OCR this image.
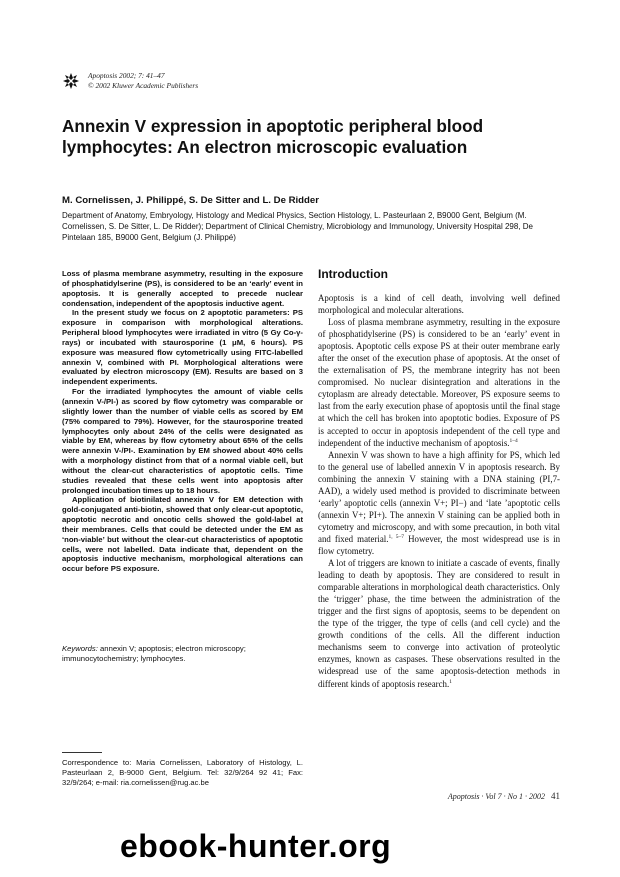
Apoptosis 2002; 7: 41–47
© 2002 Kluwer Academic Publishers
Annexin V expression in apoptotic peripheral blood lymphocytes: An electron microscopic evaluation
M. Cornelissen, J. Philippé, S. De Sitter and L. De Ridder
Department of Anatomy, Embryology, Histology and Medical Physics, Section Histology, L. Pasteurlaan 2, B9000 Gent, Belgium (M. Cornelissen, S. De Sitter, L. De Ridder); Department of Clinical Chemistry, Microbiology and Immunology, University Hospital 298, De Pintelaan 185, B9000 Gent, Belgium (J. Philippé)

Loss of plasma membrane asymmetry, resulting in the exposure of phosphatidylserine (PS), is considered to be an ‘early’ event in apoptosis. It is generally accepted to precede nuclear condensation, independent of the apoptosis inductive agent.

In the present study we focus on 2 apoptotic parameters: PS exposure in comparison with morphological alterations. Peripheral blood lymphocytes were irradiated in vitro (5 Gy Co-γ-rays) or incubated with staurosporine (1 μM, 6 hours). PS exposure was measured flow cytometrically using FITC-labelled annexin V, combined with PI. Morphological alterations were evaluated by electron microscopy (EM). Results are based on 3 independent experiments.

For the irradiated lymphocytes the amount of viable cells (annexin V-/PI-) as scored by flow cytometry was comparable or slightly lower than the number of viable cells as scored by EM (75% compared to 79%). However, for the staurosporine treated lymphocytes only about 24% of the cells were designated as viable by EM, whereas by flow cytometry about 65% of the cells were annexin V-/PI-. Examination by EM showed about 40% cells with a morphology distinct from that of a normal viable cell, but without the clear-cut characteristics of apoptotic cells. Time studies revealed that these cells went into apoptosis after prolonged incubation times up to 18 hours.

Application of biotinilated annexin V for EM detection with gold-conjugated anti-biotin, showed that only clear-cut apoptotic, apoptotic necrotic and oncotic cells showed the gold-label at their membranes. Cells that could be detected under the EM as ‘non-viable’ but without the clear-cut characteristics of apoptotic cells, were not labelled. Data indicate that, dependent on the apoptosis inductive mechanism, morphological alterations can occur before PS exposure.

Keywords: annexin V; apoptosis; electron microscopy; immunocytochemistry; lymphocytes.
Correspondence to: Maria Cornelissen, Laboratory of Histology, L. Pasteurlaan 2, B-9000 Gent, Belgium. Tel: 32/9/264 92 41; Fax: 32/9/264; e-mail: ria.cornelissen@rug.ac.be
Introduction

Apoptosis is a kind of cell death, involving well defined morphological and molecular alterations.

Loss of plasma membrane asymmetry, resulting in the exposure of phosphatidylserine (PS) is considered to be an ‘early’ event in apoptosis. Apoptotic cells expose PS at their outer membrane early after the onset of the execution phase of apoptosis. At the onset of the externalisation of PS, the membrane integrity has not been compromised. No nuclear disintegration and alterations in the cytoplasm are already detectable. Moreover, PS exposure seems to last from the early execution phase of apoptosis until the final stage at which the cell has broken into apoptotic bodies. Exposure of PS is accepted to occur in apoptosis independent of the cell type and independent of the inductive mechanism of apoptosis.$^{1-4}$

Annexin V was shown to have a high affinity for PS, which led to the general use of labelled annexin V in apoptosis research. By combining the annexin V staining with a DNA staining (PI,7-AAD), a widely used method is provided to discriminate between ‘early’ apoptotic cells (annexin V+; PI−) and ‘late ’apoptotic cells (annexin V+; PI+). The annexin V staining can be applied both in cytometry and microscopy, and with some precaution, in both vital and fixed material.$^{1, 5-7}$ However, the most widespread use is in flow cytometry.

A lot of triggers are known to initiate a cascade of events, finally leading to death by apoptosis. They are considered to result in comparable alterations in morphological death characteristics. Only the ‘trigger’ phase, the time between the administration of the trigger and the first signs of apoptosis, seems to be dependent on the type of the trigger, the type of cells (and cell cycle) and the growth conditions of the cells. All the different induction mechanisms seem to converge into activation of proteolytic enzymes, known as caspases. These observations resulted in the widespread use of the same apoptosis-detection methods in different kinds of apoptosis research.$^1$

Apoptosis · Vol 7 · No 1 · 2002 41
ebook-hunter.org
